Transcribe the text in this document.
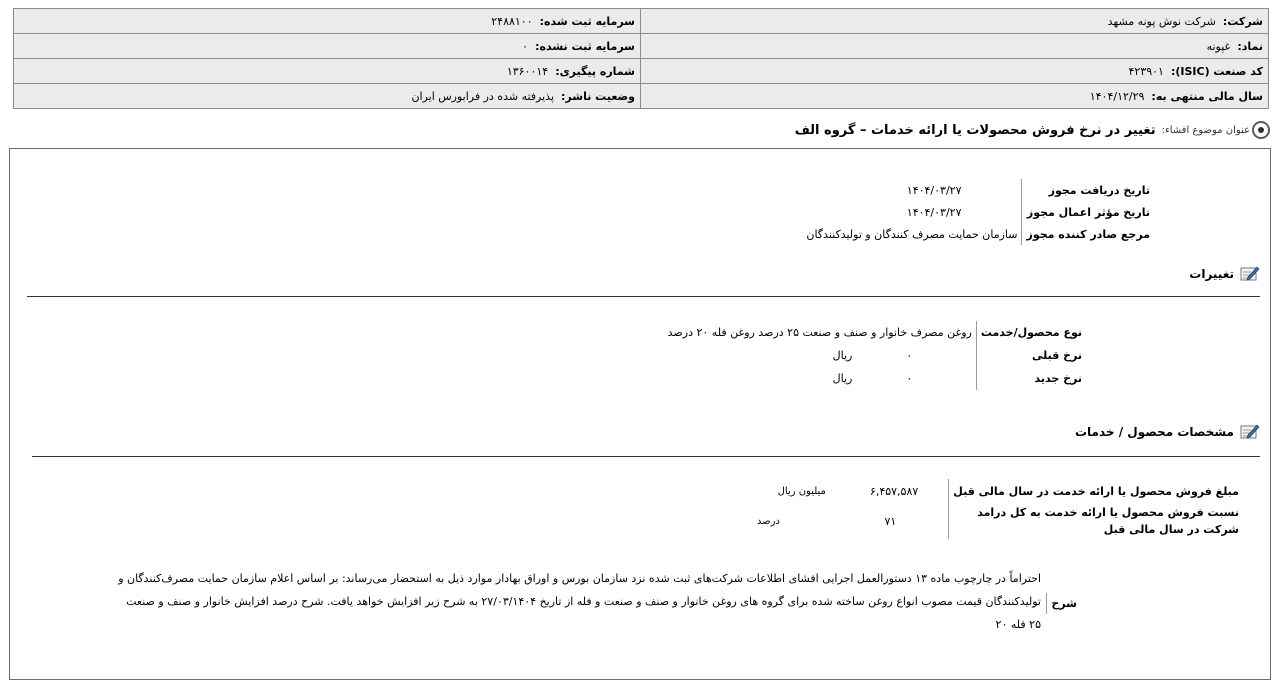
شرکت:  شرکت نوش پونه مشهد	سرمایه ثبت شده:  ۲۴۸۸۱۰۰
نماد:  غپونه	سرمایه ثبت نشده:  ۰
کد صنعت (ISIC):  ۴۲۳۹۰۱	شماره پیگیری:  ۱۳۶۰۰۱۴
سال مالی منتهی به:  ۱۴۰۴/۱۲/۲۹	وضعیت ناشر:  پذیرفته شده در فرابورس ایران
عنوان موضوع افشاء:
تغییر در نرخ فروش محصولات یا ارائه خدمات – گروه الف
تاریخ دریافت مجوز	۱۴۰۴/۰۳/۲۷
تاریخ مؤثر اعمال مجوز	۱۴۰۴/۰۳/۲۷
مرجع صادر کننده مجوز	سازمان حمایت مصرف کنندگان و تولیدکنندگان
تغییرات
نوع محصول/خدمت	روغن مصرف خانوار و صنف و صنعت ۲۵ درصد روغن فله ۲۰ درصد		
نرخ قبلی		۰	ریال
نرخ جدید		۰	ریال
مشخصات محصول / خدمات
مبلغ فروش محصول یا ارائه خدمت در سال مالی قبل	۶,۴۵۷,۵۸۷	میلیون ریال
نسبت فروش محصول یا ارائه خدمت به کل درامد
شرکت در سال مالی قبل	۷۱	درصد
شرح
احتراماً در چارچوب ماده ۱۳ دستورالعمل اجرایی افشای اطلاعات شرکت‌های ثبت شده نزد سازمان بورس و اوراق بهادار موارد ذیل به استحضار می‌رساند: بر اساس اعلام سازمان حمایت مصرف‌کنندگان و
تولیدکنندگان قیمت مصوب انواع روغن ساخته شده برای گروه های روغن خانوار و صنف و صنعت و فله از تاریخ ۲۷/۰۳/۱۴۰۴ به شرح زیر افزایش خواهد یافت. شرح درصد افزایش خانوار و صنف و صنعت
۲۵ فله ۲۰
